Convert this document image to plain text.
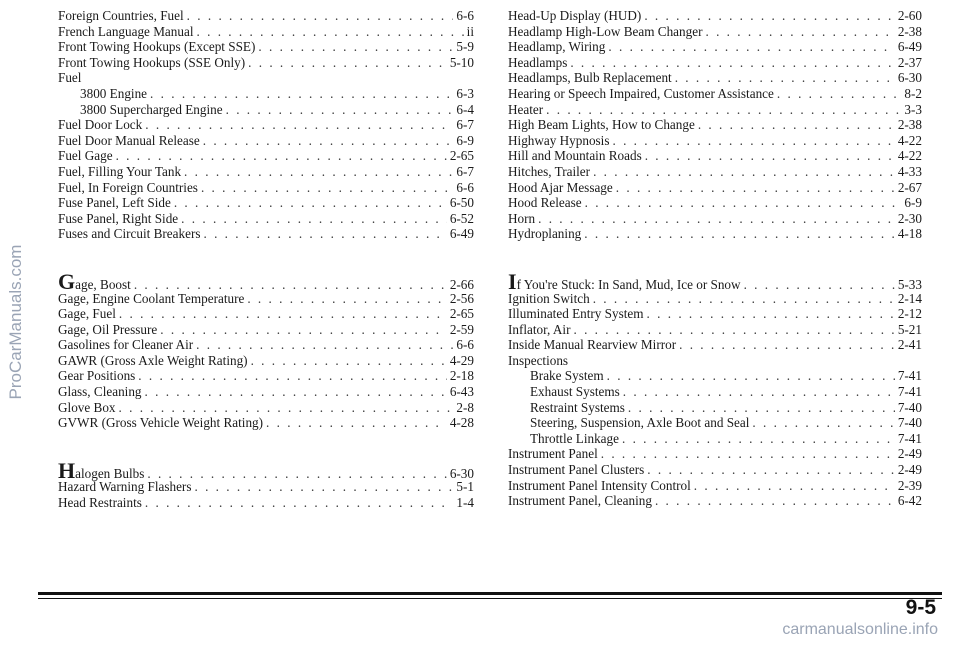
ProCarManuals.com
Foreign Countries, Fuel . . .	6-6
French Language Manual . . .	ii
Front Towing Hookups (Except SSE) . . .	5-9
Front Towing Hookups (SSE Only) . . .	5-10
Fuel
3800 Engine . . .	6-3
3800 Supercharged Engine . . .	6-4
Fuel Door Lock . . .	6-7
Fuel Door Manual Release . . .	6-9
Fuel Gage . . .	2-65
Fuel, Filling Your Tank . . .	6-7
Fuel, In Foreign Countries . . .	6-6
Fuse Panel, Left Side . . .	6-50
Fuse Panel, Right Side . . .	6-52
Fuses and Circuit Breakers . . .	6-49
Gage, Boost . . .	2-66
Gage, Engine Coolant Temperature . . .	2-56
Gage, Fuel . . .	2-65
Gage, Oil Pressure . . .	2-59
Gasolines for Cleaner Air . . .	6-6
GAWR (Gross Axle Weight Rating) . . .	4-29
Gear Positions . . .	2-18
Glass, Cleaning . . .	6-43
Glove Box . . .	2-8
GVWR (Gross Vehicle Weight Rating) . . .	4-28
Halogen Bulbs . . .	6-30
Hazard Warning Flashers . . .	5-1
Head Restraints . . .	1-4
Head-Up Display (HUD) . . .	2-60
Headlamp High-Low Beam Changer . . .	2-38
Headlamp, Wiring . . .	6-49
Headlamps . . .	2-37
Headlamps, Bulb Replacement . . .	6-30
Hearing or Speech Impaired, Customer Assistance . . .	8-2
Heater . . .	3-3
High Beam Lights, How to Change . . .	2-38
Highway Hypnosis . . .	4-22
Hill and Mountain Roads . . .	4-22
Hitches, Trailer . . .	4-33
Hood Ajar Message . . .	2-67
Hood Release . . .	6-9
Horn . . .	2-30
Hydroplaning . . .	4-18
If You're Stuck: In Sand, Mud, Ice or Snow . . .	5-33
Ignition Switch . . .	2-14
Illuminated Entry System . . .	2-12
Inflator, Air . . .	5-21
Inside Manual Rearview Mirror . . .	2-41
Inspections
Brake System . . .	7-41
Exhaust Systems . . .	7-41
Restraint Systems . . .	7-40
Steering, Suspension, Axle Boot and Seal . . .	7-40
Throttle Linkage . . .	7-41
Instrument Panel . . .	2-49
Instrument Panel Clusters . . .	2-49
Instrument Panel Intensity Control . . .	2-39
Instrument Panel, Cleaning . . .	6-42
9-5
carmanualsonline.info
